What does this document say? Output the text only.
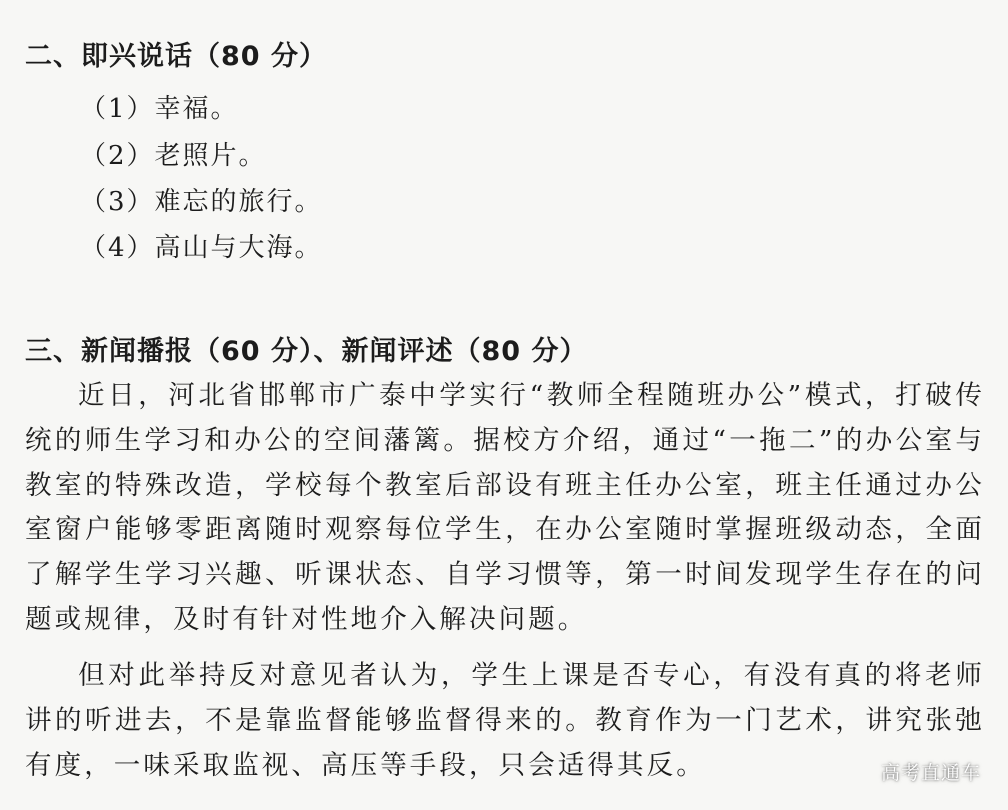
二、即兴说话（80 分）
（1）幸福。
（2）老照片。
（3）难忘的旅行。
（4）高山与大海。
三、新闻播报（60 分）、新闻评述（80 分）

近日，河北省邯郸市广泰中学实行“教师全程随班办公”模式，打破传统的师生学习和办公的空间藩篱。据校方介绍，通过“一拖二”的办公室与教室的特殊改造，学校每个教室后部设有班主任办公室，班主任通过办公室窗户能够零距离随时观察每位学生，在办公室随时掌握班级动态，全面了解学生学习兴趣、听课状态、自学习惯等，第一时间发现学生存在的问题或规律，及时有针对性地介入解决问题。

但对此举持反对意见者认为，学生上课是否专心，有没有真的将老师讲的听进去，不是靠监督能够监督得来的。教育作为一门艺术，讲究张弛有度，一味采取监视、高压等手段，只会适得其反。	高考直通车
